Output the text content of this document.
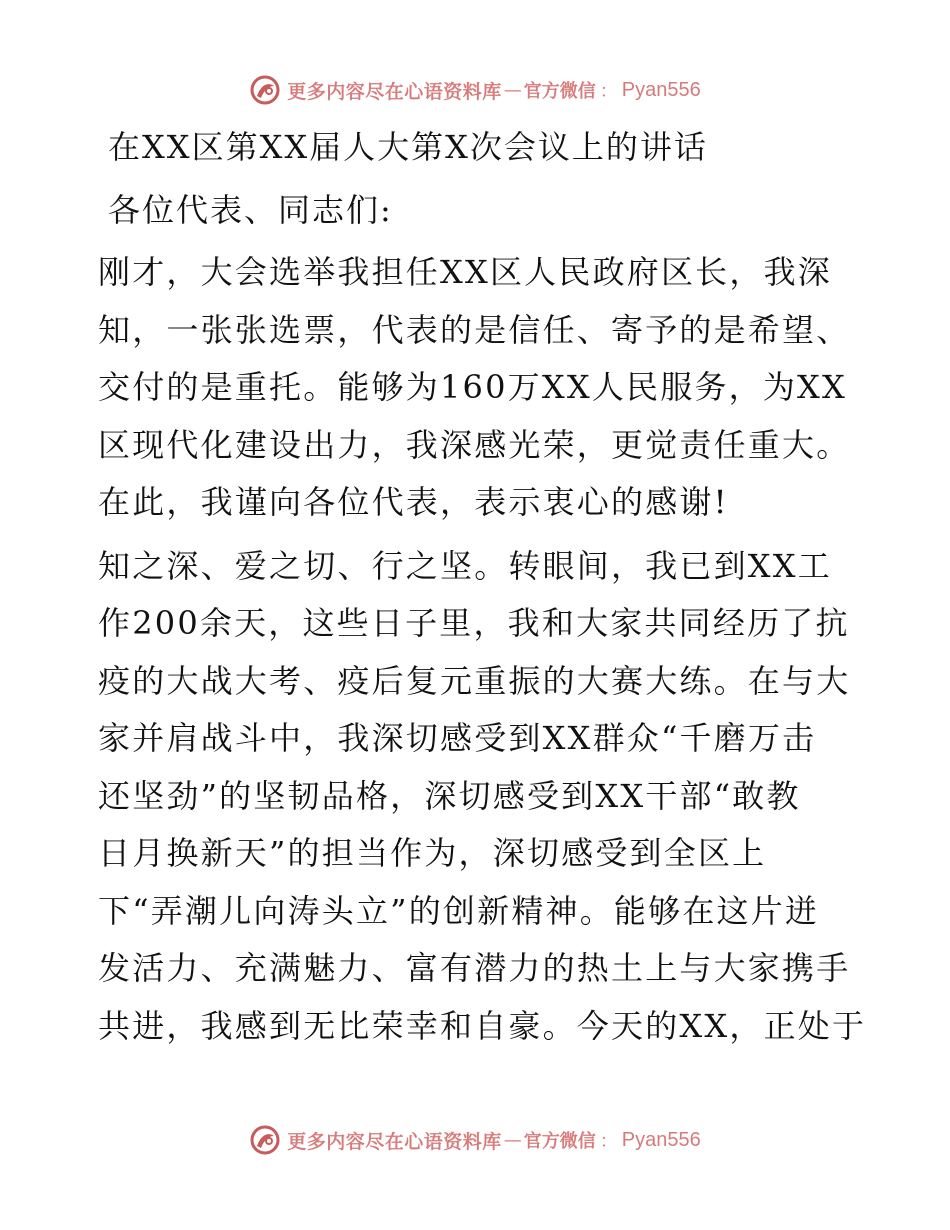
更多内容尽在心语资料库 — 官方微信 ： Pyan556

在XX区第XX届人大第X次会议上的讲话

各位代表、同志们:

刚才，大会选举我担任XX区人民政府区长，我深
知，一张张选票，代表的是信任、寄予的是希望、
交付的是重托。能够为160万XX人民服务，为XX
区现代化建设出力，我深感光荣，更觉责任重大。
在此，我谨向各位代表，表示衷心的感谢!

知之深、爱之切、行之坚。转眼间，我已到XX工
作200余天，这些日子里，我和大家共同经历了抗
疫的大战大考、疫后复元重振的大赛大练。在与大
家并肩战斗中，我深切感受到XX群众“千磨万击
还坚劲”的坚韧品格，深切感受到XX干部“敢教
日月换新天”的担当作为，深切感受到全区上
下“弄潮儿向涛头立”的创新精神。能够在这片迸
发活力、充满魅力、富有潜力的热土上与大家携手
共进，我感到无比荣幸和自豪。今天的XX，正处于

更多内容尽在心语资料库 — 官方微信 ： Pyan556
